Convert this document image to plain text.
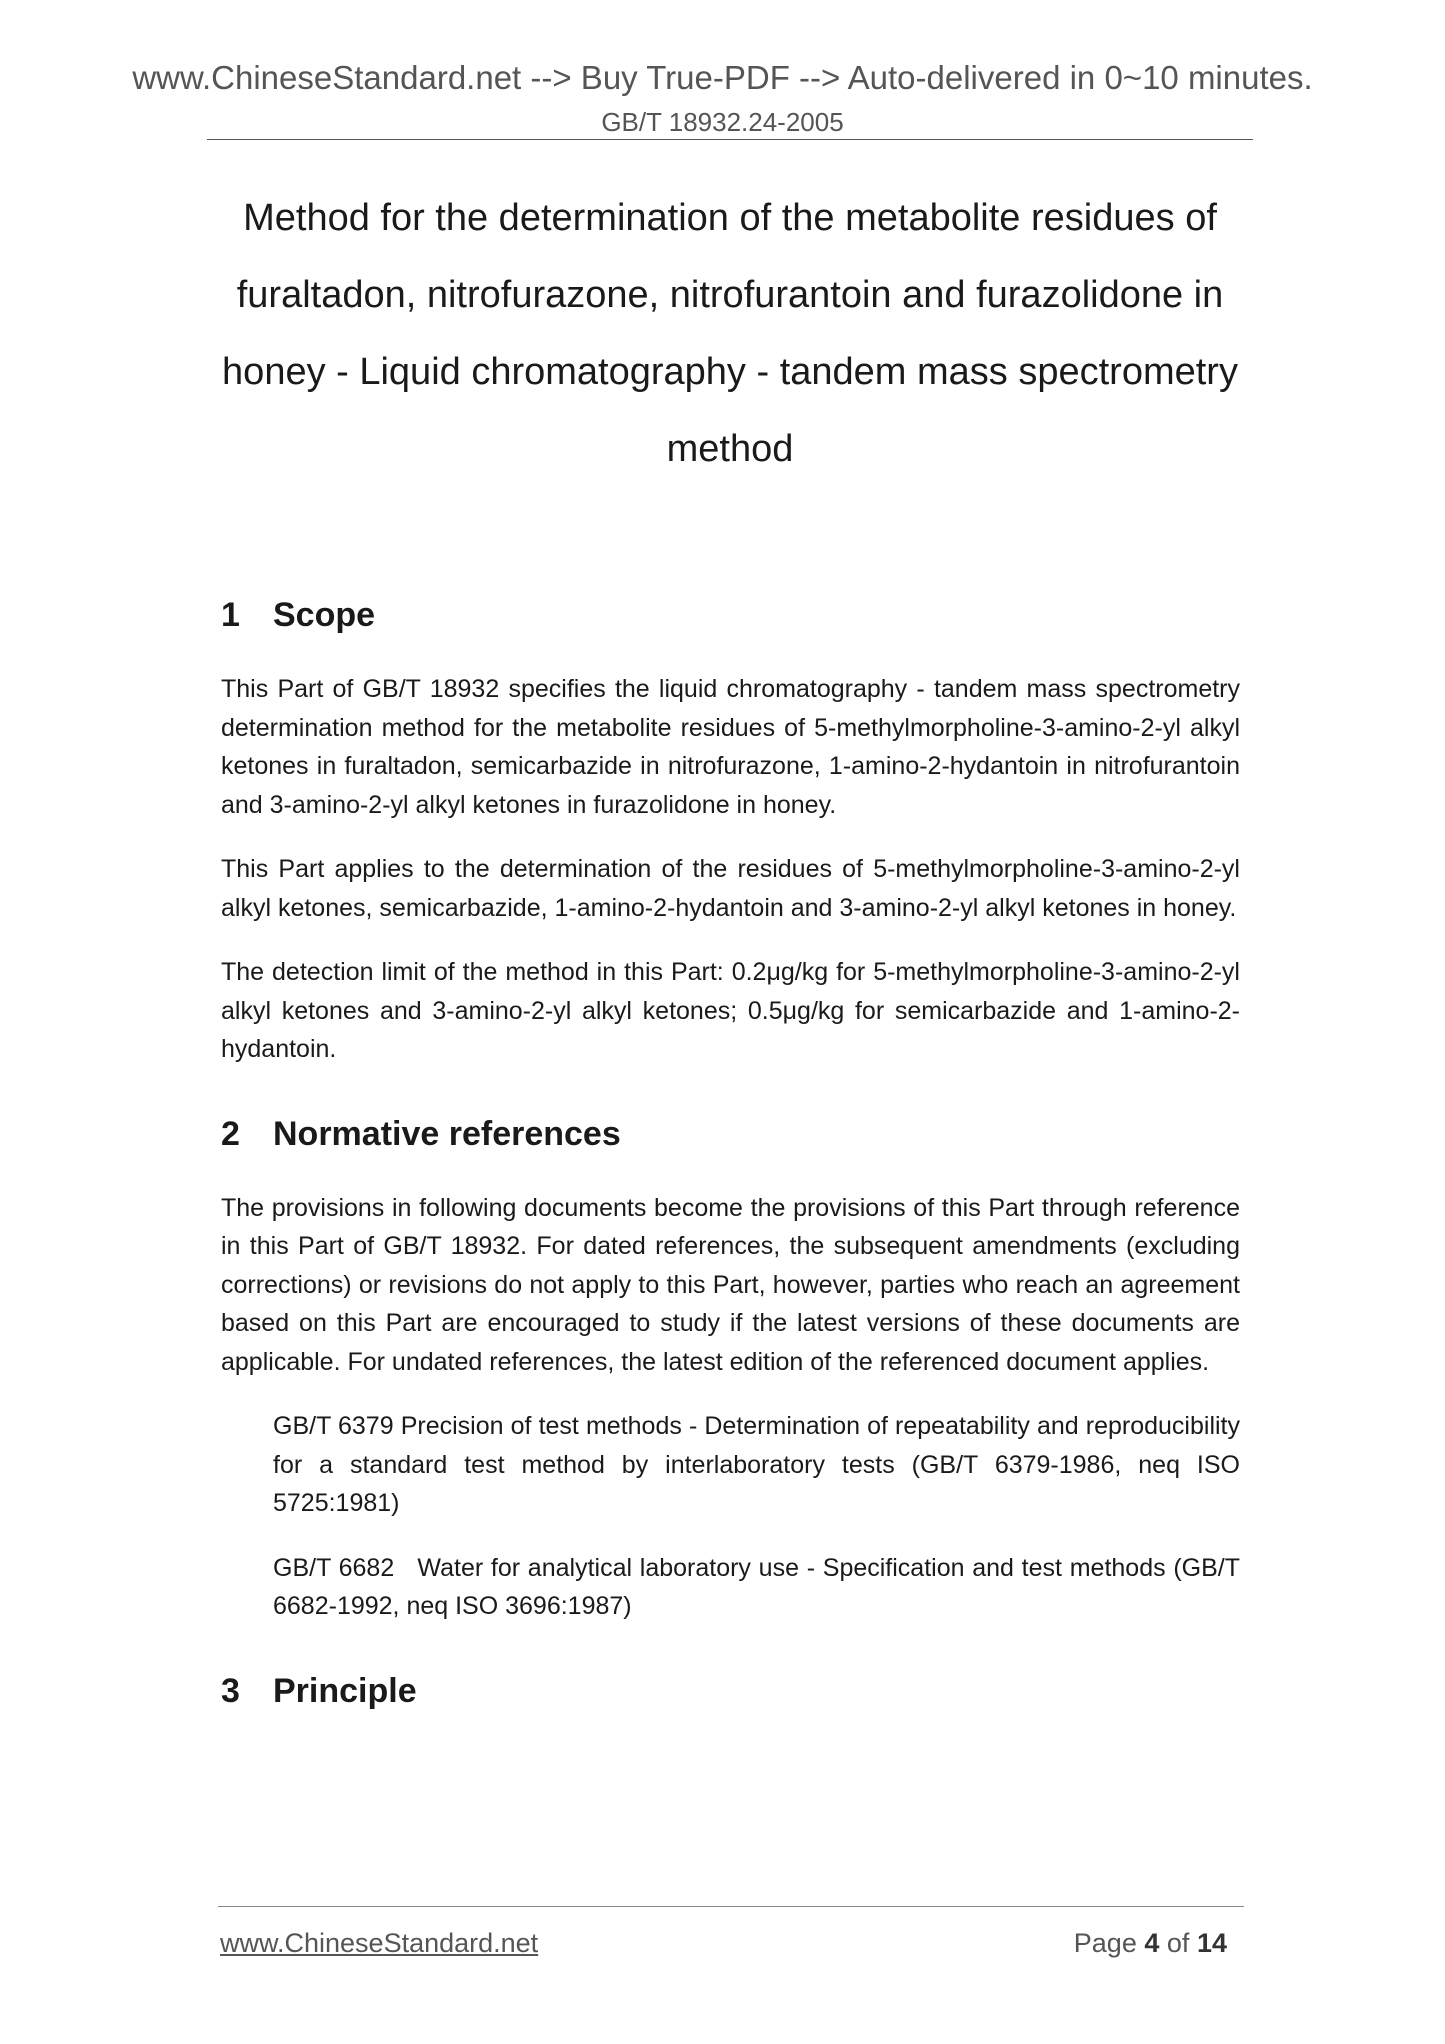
www.ChineseStandard.net --> Buy True-PDF --> Auto-delivered in 0~10 minutes.
GB/T 18932.24-2005
Method for the determination of the metabolite residues of furaltadon, nitrofurazone, nitrofurantoin and furazolidone in honey - Liquid chromatography - tandem mass spectrometry method
1 Scope

This Part of GB/T 18932 specifies the liquid chromatography - tandem mass spectrometry determination method for the metabolite residues of 5-methylmorpholine-3-amino-2-yl alkyl ketones in furaltadon, semicarbazide in nitrofurazone, 1-amino-2-hydantoin in nitrofurantoin and 3-amino-2-yl alkyl ketones in furazolidone in honey.

This Part applies to the determination of the residues of 5-methylmorpholine-3-amino-2-yl alkyl ketones, semicarbazide, 1-amino-2-hydantoin and 3-amino-2-yl alkyl ketones in honey.

The detection limit of the method in this Part: 0.2μg/kg for 5-methylmorpholine-3-amino-2-yl alkyl ketones and 3-amino-2-yl alkyl ketones; 0.5μg/kg for semicarbazide and 1-amino-2-hydantoin.

2 Normative references

The provisions in following documents become the provisions of this Part through reference in this Part of GB/T 18932. For dated references, the subsequent amendments (excluding corrections) or revisions do not apply to this Part, however, parties who reach an agreement based on this Part are encouraged to study if the latest versions of these documents are applicable. For undated references, the latest edition of the referenced document applies.

GB/T 6379 Precision of test methods - Determination of repeatability and reproducibility for a standard test method by interlaboratory tests (GB/T 6379-1986, neq ISO 5725:1981)

GB/T 6682   Water for analytical laboratory use - Specification and test methods (GB/T 6682-1992, neq ISO 3696:1987)

3 Principle
www.ChineseStandard.net	Page 4 of 14
